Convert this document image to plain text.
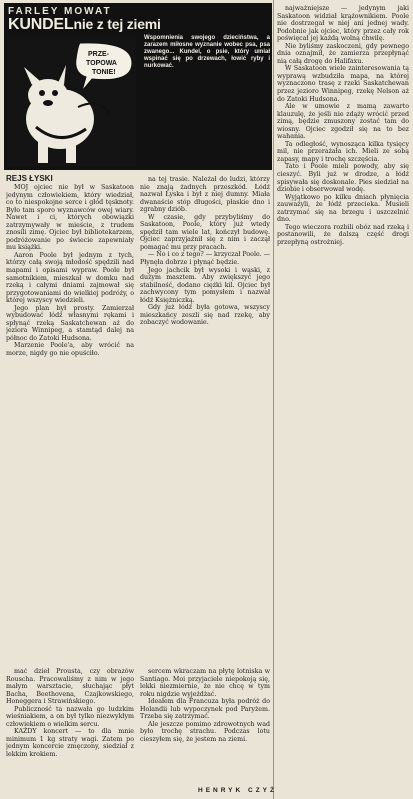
FARLEY MOWAT
KUNDELnie z tej ziemi
PRZE-
TOPOWA
TONIE!
Wspomnienia swojego dzieciństwa, a zarazem miłosne wyznanie wobec psa, psa zwanego... Kundel, o psie, który umiał wspinać się po drzewach, łowić ryby i nurkować.
REJS ŁYSKI

MÓJ ojciec nie był w Saskatoon jedynym człowiekiem, który wiedział, co to niespokojne serce i głód tęsknoty. Było tam sporo wyznawców owej wiary. Nawet i ci, których obowiązki zatrzymywały w mieście, z trudem znosili zimę. Ojciec był bibliotekarzem, podróżowanie po świecie zapewniały mu książki.

Aaron Poole był jednym z tych, którzy całą swoją młodość spędzili nad mapami i opisami wypraw. Poole był samotnikiem, mieszkał w domku nad rzeką i całymi dniami zajmował się przygotowaniami do wielkiej podróży, o której wszyscy wiedzieli.

Jego plan był prosty. Zamierzał wybudować łódź własnymi rękami i spłynąć rzeką Saskatchewan aż do jeziora Winnipeg, a stamtąd dalej na północ do Zatoki Hudsona.

Marzenie Poole'a, aby wrócić na morze, nigdy go nie opuściło.

na tej trasie. Należał do ludzi, którzy nie znają żadnych przeszkód. Łódź nazwał Łyska i był z niej dumny. Miała dwanaście stóp długości, płaskie dno i zgrabny dziób.

W czasie, gdy przybyliśmy do Saskatoon, Poole, który już wtedy spędził tam wiele lat, kończył budowę. Ojciec zaprzyjaźnił się z nim i zaczął pomagać mu przy pracach.

— No i co z tego? — krzyczał Poole. — Płynęła dobrze i płynąć będzie.

Jego jachcik był wysoki i wąski, z dużym masztem. Aby zwiększyć jego stabilność, dodano ciężki kil. Ojciec był zachwycony tym pomysłem i nazwał łódź Księżniczką.

Gdy już łódź była gotowa, wszyscy mieszkańcy zeszli się nad rzekę, aby zobaczyć wodowanie.

najważniejsze — jedynym jaki Saskatoon widział krążownikiem. Poole nie dostrzegał w niej ani jednej wady. Podobnie jak ojciec, który przez cały rok poświęcał jej każdą wolną chwilę.

Nie byliśmy zaskoczeni, gdy pewnego dnia oznajmił, że zamierza przepłynąć nią całą drogę do Halifaxu.

W Saskatoon wiele zainteresowania tą wyprawą wzbudziła mapa, na której wyznaczono trasę z rzeki Saskatchewan przez jezioro Winnipeg, rzekę Nelson aż do Zatoki Hudsona.

Ale w umowie z mamą zawarto klauzulę, że jeśli nie zdąży wrócić przed zimą, będzie zmuszony zostać tam do wiosny. Ojciec zgodził się na to bez wahania.

Ta odległość, wynosząca kilka tysięcy mil, nie przerażała ich. Mieli ze sobą zapasy, mapy i trochę szczęścia.

Tato i Poole mieli powody, aby się cieszyć. Byli już w drodze, a łódź spisywała się doskonale. Pies siedział na dziobie i obserwował wodę.

Wyjątkowo po kilku dniach płynięcia zauważyli, że łódź przecieka. Musieli zatrzymać się na brzegu i uszczelnić dno.

Tego wieczora rozbili obóz nad rzeką i postanowili, że dalszą część drogi przepłyną ostrożniej.

mać dzieł Prousta, czy obrazów Rouscha. Pracowaliśmy z nim w jego małym warsztacie, słuchając płyt Bacha, Beethovena, Czajkowskiego, Honeggera i Strawińskiego.

Publiczność ta nazwała go ludzkim wieśniakiem, a on był tylko niezwykłym człowiekiem o wielkim sercu.

KAŻDY koncert — to dla mnie minimum 1 kg straty wagi. Zatem po jednym koncercie zmęczony, siedział z lekkim krokiem.

sercem wkraczam na płytę lotniska w Santiago. Moi przyjaciele niepokoją się, lekki niezmiernie, że nie chcę w tym roku nigdzie wyjeżdżać.

Ideałem dla Francuza była podróż do Holandii lub wypoczynek pod Paryżem. Trzeba się zatrzymać.

Ale jeszcze pomimo zdrowotnych wad było trochę strachu. Podczas lotu cieszyłem się, że jestem na ziemi.

HENRYK CZYŻ
